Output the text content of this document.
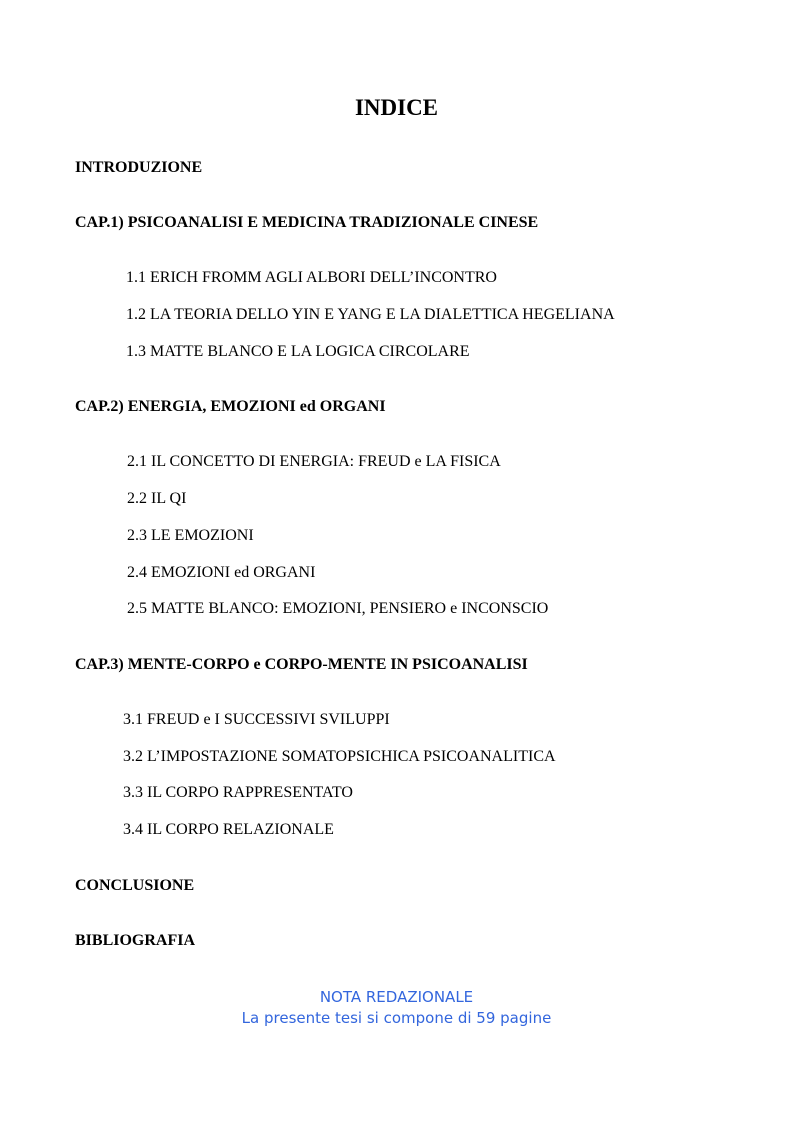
INDICE
INTRODUZIONE
CAP.1) PSICOANALISI E MEDICINA TRADIZIONALE CINESE
1.1 ERICH FROMM AGLI ALBORI DELL’INCONTRO
1.2 LA TEORIA DELLO YIN E YANG E LA DIALETTICA HEGELIANA
1.3 MATTE BLANCO E LA LOGICA CIRCOLARE
CAP.2) ENERGIA, EMOZIONI ed ORGANI
2.1 IL CONCETTO DI ENERGIA: FREUD e LA FISICA
2.2 IL QI
2.3 LE EMOZIONI
2.4 EMOZIONI ed ORGANI
2.5 MATTE BLANCO: EMOZIONI, PENSIERO e INCONSCIO
CAP.3) MENTE-CORPO e CORPO-MENTE IN PSICOANALISI
3.1 FREUD e I SUCCESSIVI SVILUPPI
3.2 L’IMPOSTAZIONE SOMATOPSICHICA PSICOANALITICA
3.3 IL CORPO RAPPRESENTATO
3.4 IL CORPO RELAZIONALE
CONCLUSIONE
BIBLIOGRAFIA
NOTA REDAZIONALE
La presente tesi si compone di 59 pagine
